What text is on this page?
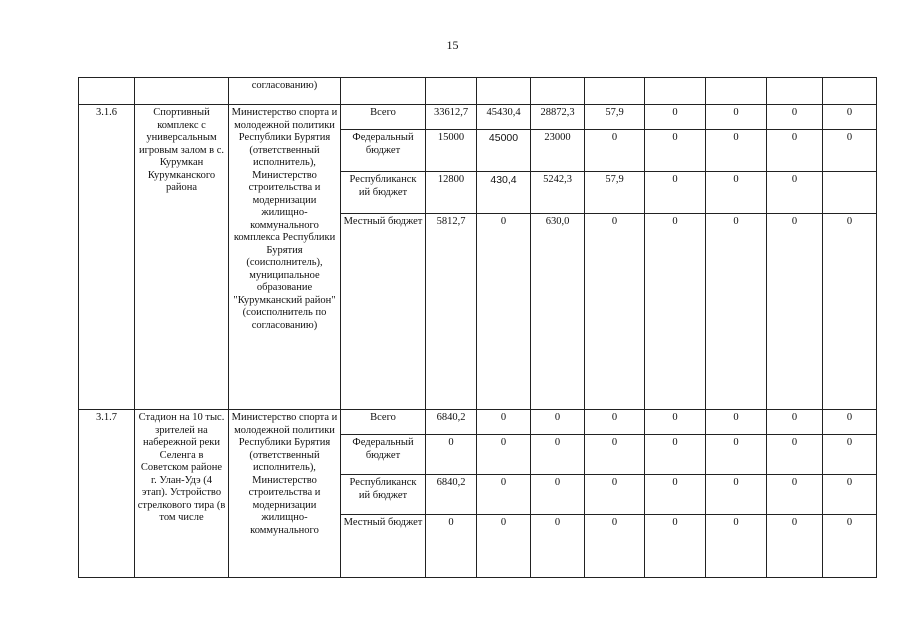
15
		согласованию)									
3.1.6	Спортивный комплекс с универсальным игровым залом в с. Курумкан Курумканского района	Министерство спорта и молодежной политики Республики Бурятия (ответственный исполнитель), Министерство строительства и модернизации жилищно-коммунального комплекса Республики Бурятия (соисполнитель), муниципальное образование "Курумканский район" (соисполнитель по согласованию)	Всего	33612,7	45430,4	28872,3	57,9	0	0	0	0
			Федеральный бюджет	15000	45000	23000	0	0	0	0	0
			Республиканск ий бюджет	12800	430,4	5242,3	57,9	0	0	0	
			Местный бюджет	5812,7	0	630,0	0	0	0	0	0
3.1.7	Стадион на 10 тыс. зрителей на набережной реки Селенга в Советском районе г. Улан-Удэ (4 этап). Устройство стрелкового тира (в том числе	Министерство спорта и молодежной политики Республики Бурятия (ответственный исполнитель), Министерство строительства и модернизации жилищно-коммунального	Всего	6840,2	0	0	0	0	0	0	0
			Федеральный бюджет	0	0	0	0	0	0	0	0
			Республиканск ий бюджет	6840,2	0	0	0	0	0	0	0
			Местный бюджет	0	0	0	0	0	0	0	0
